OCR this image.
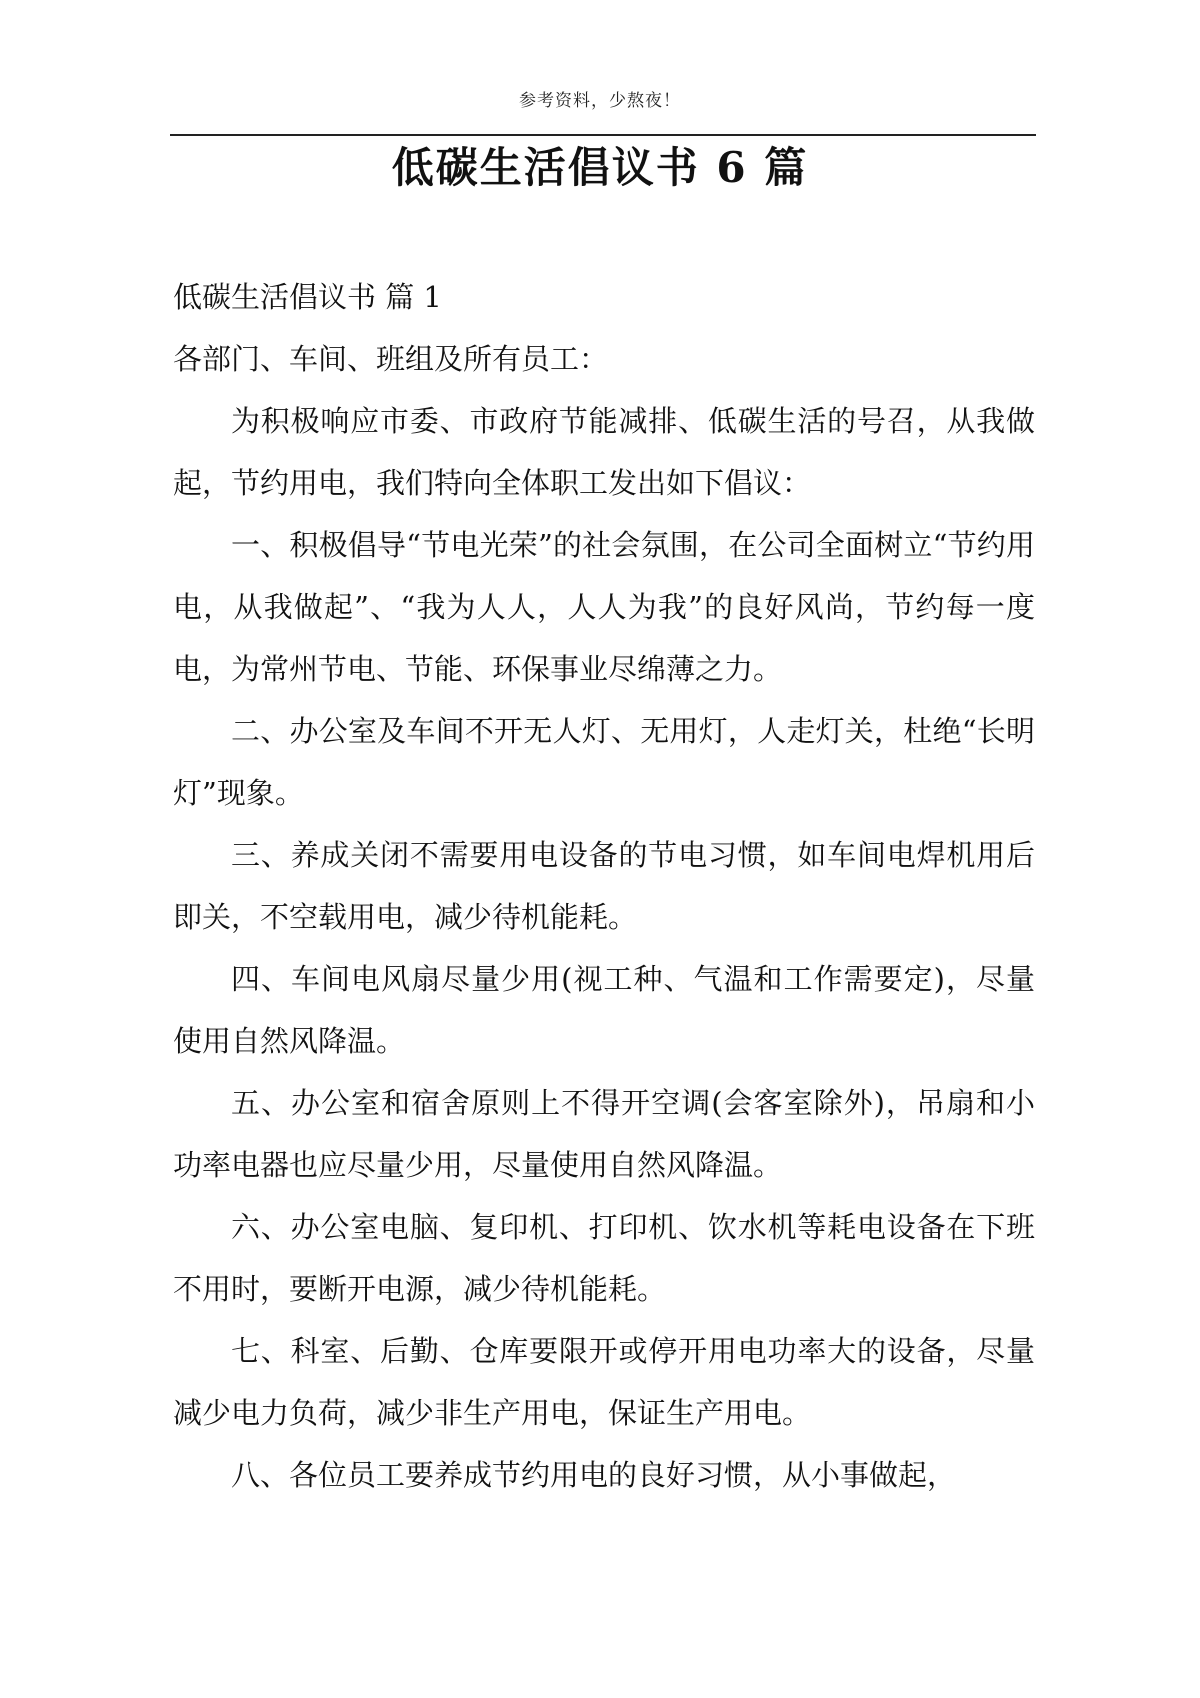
参考资料，少熬夜！
低碳生活倡议书 6 篇

低碳生活倡议书 篇 1

各部门、车间、班组及所有员工：

为积极响应市委、市政府节能减排、低碳生活的号召，从我做起，节约用电，我们特向全体职工发出如下倡议：

一、积极倡导“节电光荣”的社会氛围，在公司全面树立“节约用电，从我做起”、“我为人人，人人为我”的良好风尚，节约每一度电，为常州节电、节能、环保事业尽绵薄之力。

二、办公室及车间不开无人灯、无用灯，人走灯关，杜绝“长明灯”现象。

三、养成关闭不需要用电设备的节电习惯，如车间电焊机用后即关，不空载用电，减少待机能耗。

四、车间电风扇尽量少用(视工种、气温和工作需要定)，尽量使用自然风降温。

五、办公室和宿舍原则上不得开空调(会客室除外)，吊扇和小功率电器也应尽量少用，尽量使用自然风降温。

六、办公室电脑、复印机、打印机、饮水机等耗电设备在下班不用时，要断开电源，减少待机能耗。

七、科室、后勤、仓库要限开或停开用电功率大的设备，尽量减少电力负荷，减少非生产用电，保证生产用电。

八、各位员工要养成节约用电的良好习惯，从小事做起，
